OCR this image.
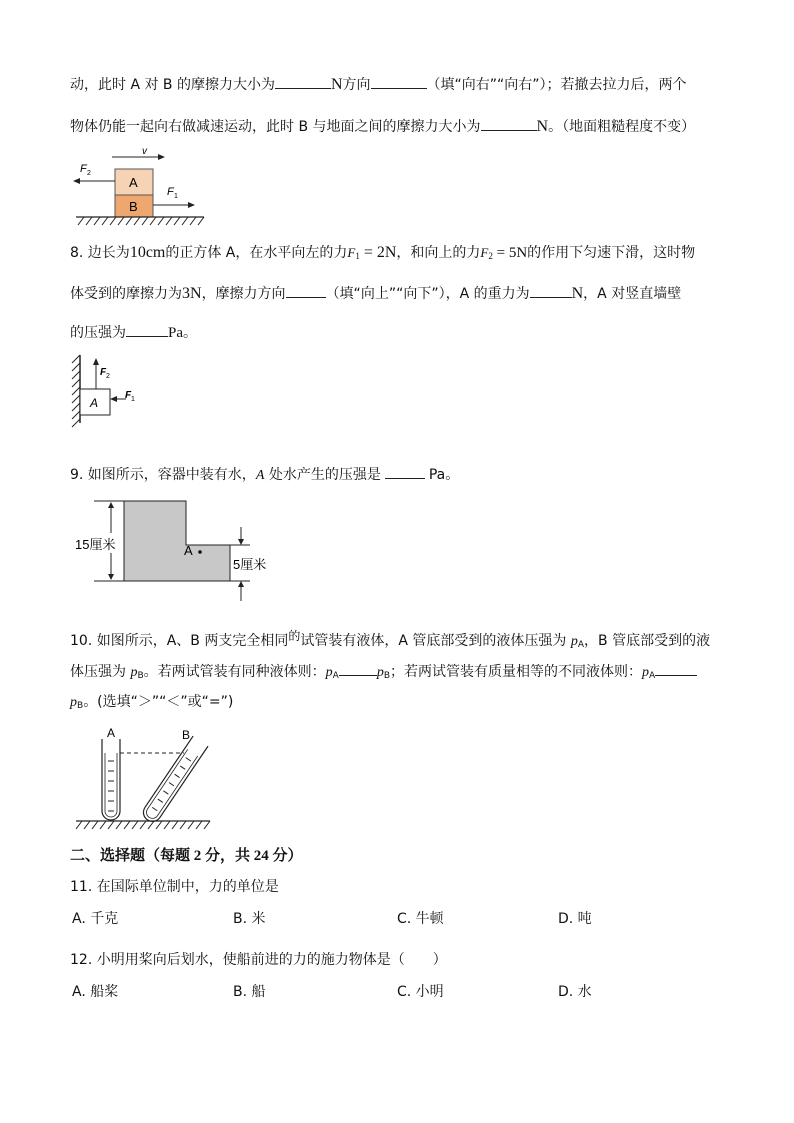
动，此时 A 对 B 的摩擦力大小为	N方向	（填“向右”“向右”）；若撤去拉力后，两个
物体仍能一起向右做减速运动，此时 B 与地面之间的摩擦力大小为	N。（地面粗糙程度不变）
v
A
B
F 2
F 1
8. 边长为10cm的正方体 A，在水平向左的力$F_1 = 2N$，和向上的力$F_2 = 5N$的作用下匀速下滑，这时物
体受到的摩擦力为3N，摩擦力方向	（填“向上”“向下”），A 的重力为	N，A 对竖直墙壁
的压强为	Pa。
A
F 2
F 1
9. 如图所示，容器中装有水，A 处水产生的压强是	Pa。
15厘米
5厘米
A
10. 如图所示，A、B 两支完全相同的试管装有液体，A 管底部受到的液体压强为 $p_A$，B 管底部受到的液
体压强为 $p_B$。若两试管装有同种液体则：$p_A$	$p_B$；若两试管装有质量相等的不同液体则：$p_A$
$p_B$。(选填“＞”“＜”或“=”)
A	B
二、选择题（每题 2 分，共 24 分）
11. 在国际单位制中，力的单位是
A. 千克	B. 米	C. 牛顿	D. 吨
12. 小明用桨向后划水，使船前进的力的施力物体是（　　）
A. 船桨	B. 船	C. 小明	D. 水
